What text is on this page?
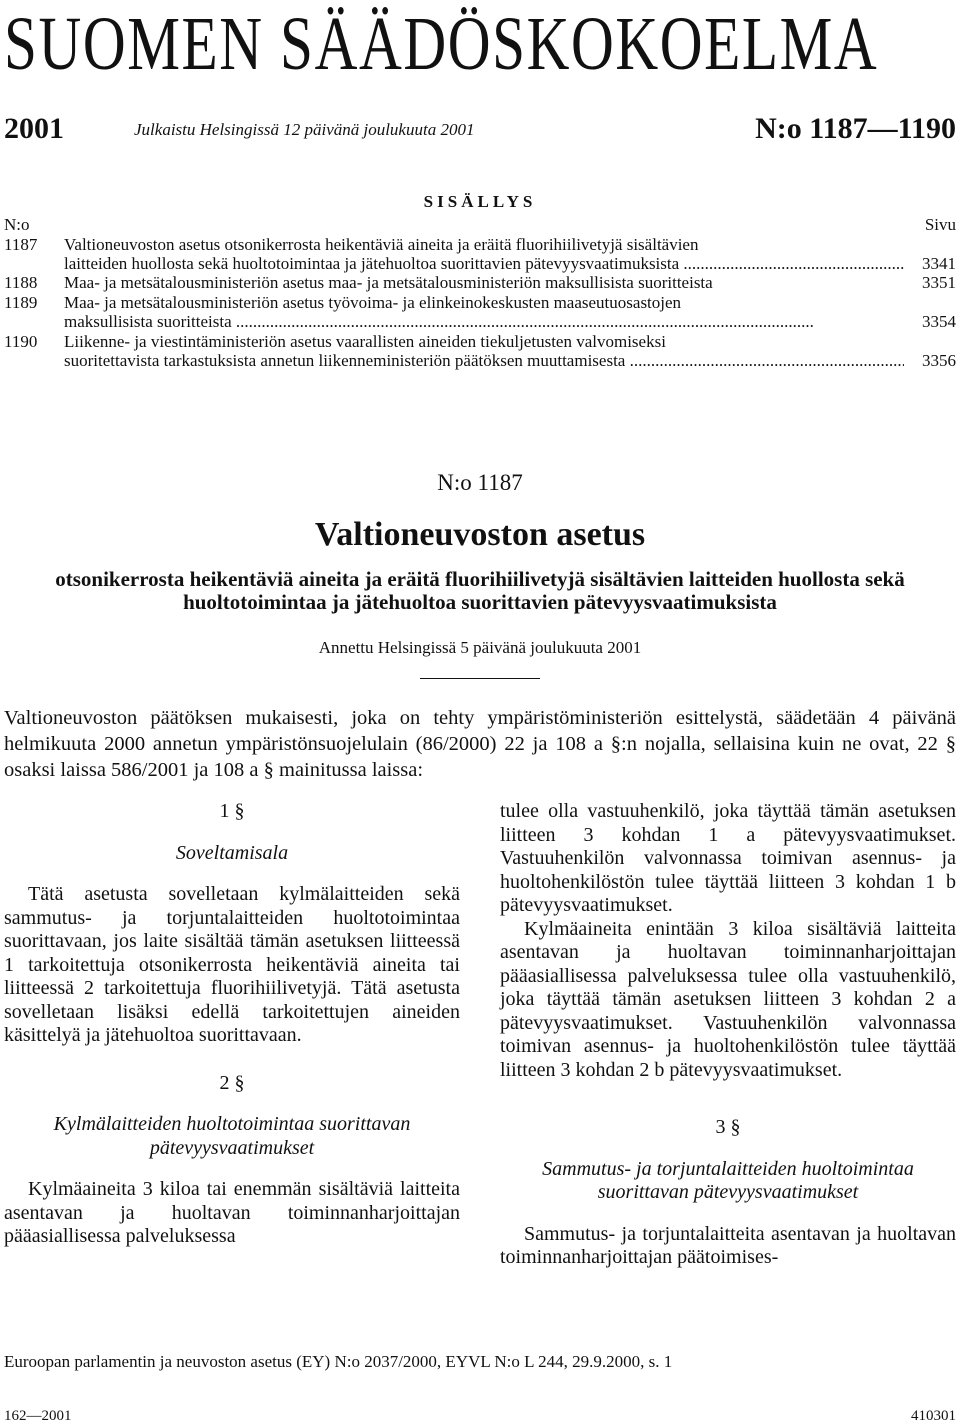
SUOMEN SÄÄDÖSKOKOELMA
2001	Julkaistu Helsingissä 12 päivänä joulukuuta 2001	N:o 1187—1190
SISÄLLYS
N:o	Sivu
1187	Valtioneuvoston asetus otsonikerrosta heikentäviä aineita ja eräitä fluorihiilivetyjä sisältävien
laitteiden huollosta sekä huoltotoimintaa ja jätehuoltoa suorittavien pätevyysvaatimuksista .....	3341
1188	Maa- ja metsätalousministeriön asetus maa- ja metsätalousministeriön maksullisista suoritteista	3351
1189	Maa- ja metsätalousministeriön asetus työvoima- ja elinkeinokeskusten maaseutuosastojen
maksullisista suoritteista .....	3354
1190	Liikenne- ja viestintäministeriön asetus vaarallisten aineiden tiekuljetusten valvomiseksi
suoritettavista tarkastuksista annetun liikenneministeriön päätöksen muuttamisesta .....	3356
N:o 1187
Valtioneuvoston asetus
otsonikerrosta heikentäviä aineita ja eräitä fluorihiilivetyjä sisältävien laitteiden huollosta sekä huoltotoimintaa ja jätehuoltoa suorittavien pätevyysvaatimuksista
Annettu Helsingissä 5 päivänä joulukuuta 2001
Valtioneuvoston päätöksen mukaisesti, joka on tehty ympäristöministeriön esittelystä, säädetään 4 päivänä helmikuuta 2000 annetun ympäristönsuojelulain (86/2000) 22 ja 108 a §:n nojalla, sellaisina kuin ne ovat, 22 § osaksi laissa 586/2001 ja 108 a § mainitussa laissa:

1 §

Soveltamisala

Tätä asetusta sovelletaan kylmälaitteiden sekä sammutus- ja torjuntalaitteiden huoltotoimintaa suorittavaan, jos laite sisältää tämän asetuksen liitteessä 1 tarkoitettuja otsonikerrosta heikentäviä aineita tai liitteessä 2 tarkoitettuja fluorihiilivetyjä. Tätä asetusta sovelletaan lisäksi edellä tarkoitettujen aineiden käsittelyä ja jätehuoltoa suorittavaan.

2 §

Kylmälaitteiden huoltotoimintaa suorittavan pätevyysvaatimukset

Kylmäaineita 3 kiloa tai enemmän sisältäviä laitteita asentavan ja huoltavan toiminnanharjoittajan pääasiallisessa palveluksessa

tulee olla vastuuhenkilö, joka täyttää tämän asetuksen liitteen 3 kohdan 1 a pätevyysvaatimukset. Vastuuhenkilön valvonnassa toimivan asennus- ja huoltohenkilöstön tulee täyttää liitteen 3 kohdan 1 b pätevyysvaatimukset.

Kylmäaineita enintään 3 kiloa sisältäviä laitteita asentavan ja huoltavan toiminnanharjoittajan pääasiallisessa palveluksessa tulee olla vastuuhenkilö, joka täyttää tämän asetuksen liitteen 3 kohdan 2 a pätevyysvaatimukset. Vastuuhenkilön valvonnassa toimivan asennus- ja huoltohenkilöstön tulee täyttää liitteen 3 kohdan 2 b pätevyysvaatimukset.

3 §

Sammutus- ja torjuntalaitteiden huoltoimintaa suorittavan pätevyysvaatimukset

Sammutus- ja torjuntalaitteita asentavan ja huoltavan toiminnanharjoittajan päätoimises-

Euroopan parlamentin ja neuvoston asetus (EY) N:o 2037/2000, EYVL N:o L 244, 29.9.2000, s. 1
162—2001	410301
